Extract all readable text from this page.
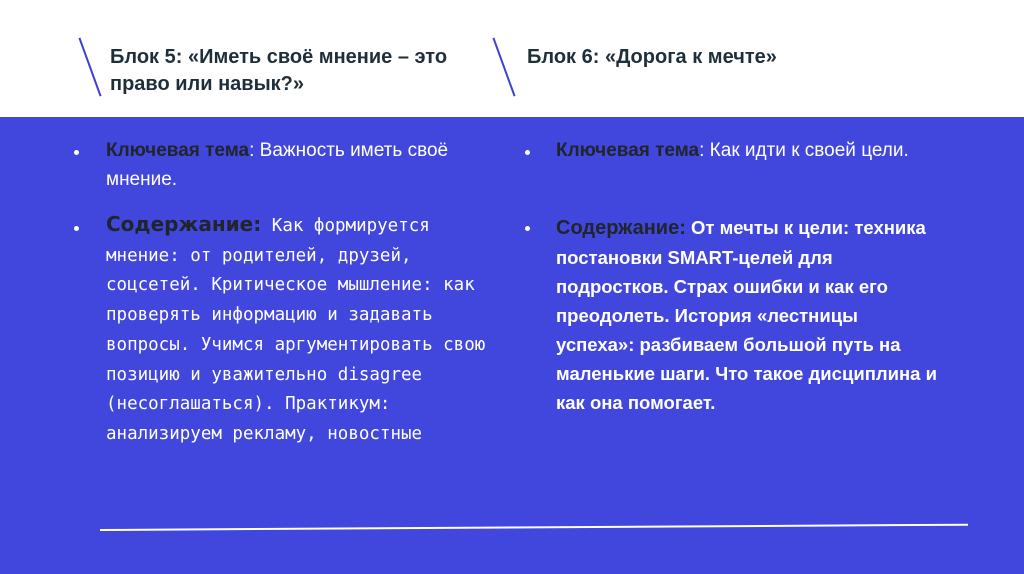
Блок 5: «Иметь своё мнение – это право или навык?»
Блок 6: «Дорога к мечте»
Ключевая тема: Важность иметь своё мнение.
Содержание: Как формируется мнение: от родителей, друзей, соцсетей. Критическое мышление: как проверять информацию и задавать вопросы. Учимся аргументировать свою позицию и уважительно disagree (несоглашаться). Практикум: анализируем рекламу, новостные
Ключевая тема: Как идти к своей цели.
Содержание: От мечты к цели: техника постановки SMART-целей для подростков. Страх ошибки и как его преодолеть. История «лестницы успеха»: разбиваем большой путь на маленькие шаги. Что такое дисциплина и как она помогает.
